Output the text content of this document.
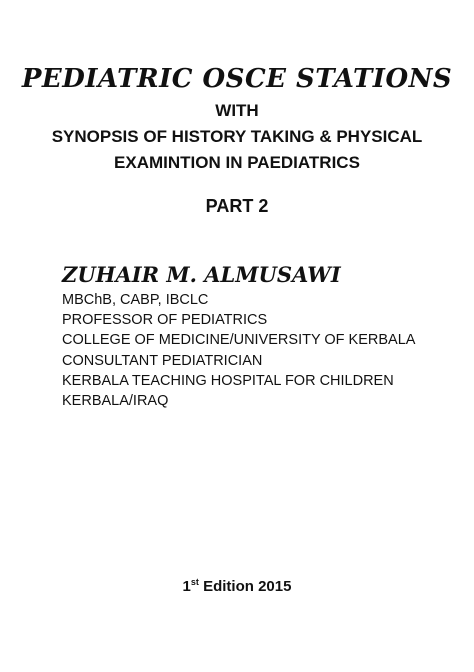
PEDIATRIC OSCE STATIONS
WITH
SYNOPSIS OF HISTORY TAKING & PHYSICAL
EXAMINTION IN PAEDIATRICS
PART 2
ZUHAIR M. ALMUSAWI
MBChB, CABP, IBCLC
PROFESSOR OF PEDIATRICS
COLLEGE OF MEDICINE/UNIVERSITY OF KERBALA
CONSULTANT PEDIATRICIAN
KERBALA TEACHING HOSPITAL FOR CHILDREN
KERBALA/IRAQ
1st Edition 2015
